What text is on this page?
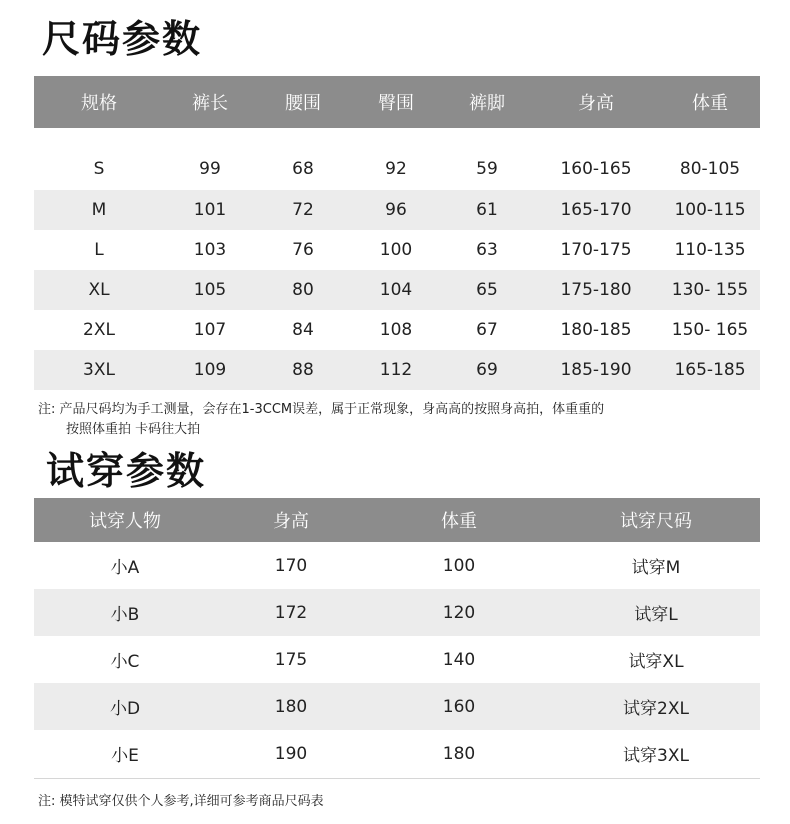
尺码参数
规格	裤长	腰围	臀围	裤脚	身高	体重
S	99	68	92	59	160-165	80-105
M	101	72	96	61	165-170	100-115
L	103	76	100	63	170-175	110-135
XL	105	80	104	65	175-180	130- 155
2XL	107	84	108	67	180-185	150- 165
3XL	109	88	112	69	185-190	165-185
注: 产品尺码均为手工测量，会存在1-3CCM误差，属于正常现象，身高高的按照身高拍，体重重的
按照体重拍 卡码往大拍
试穿参数
试穿人物	身高	体重	试穿尺码
小A	170	100	试穿M
小B	172	120	试穿L
小C	175	140	试穿XL
小D	180	160	试穿2XL
小E	190	180	试穿3XL
注: 模特试穿仅供个人参考,详细可参考商品尺码表
